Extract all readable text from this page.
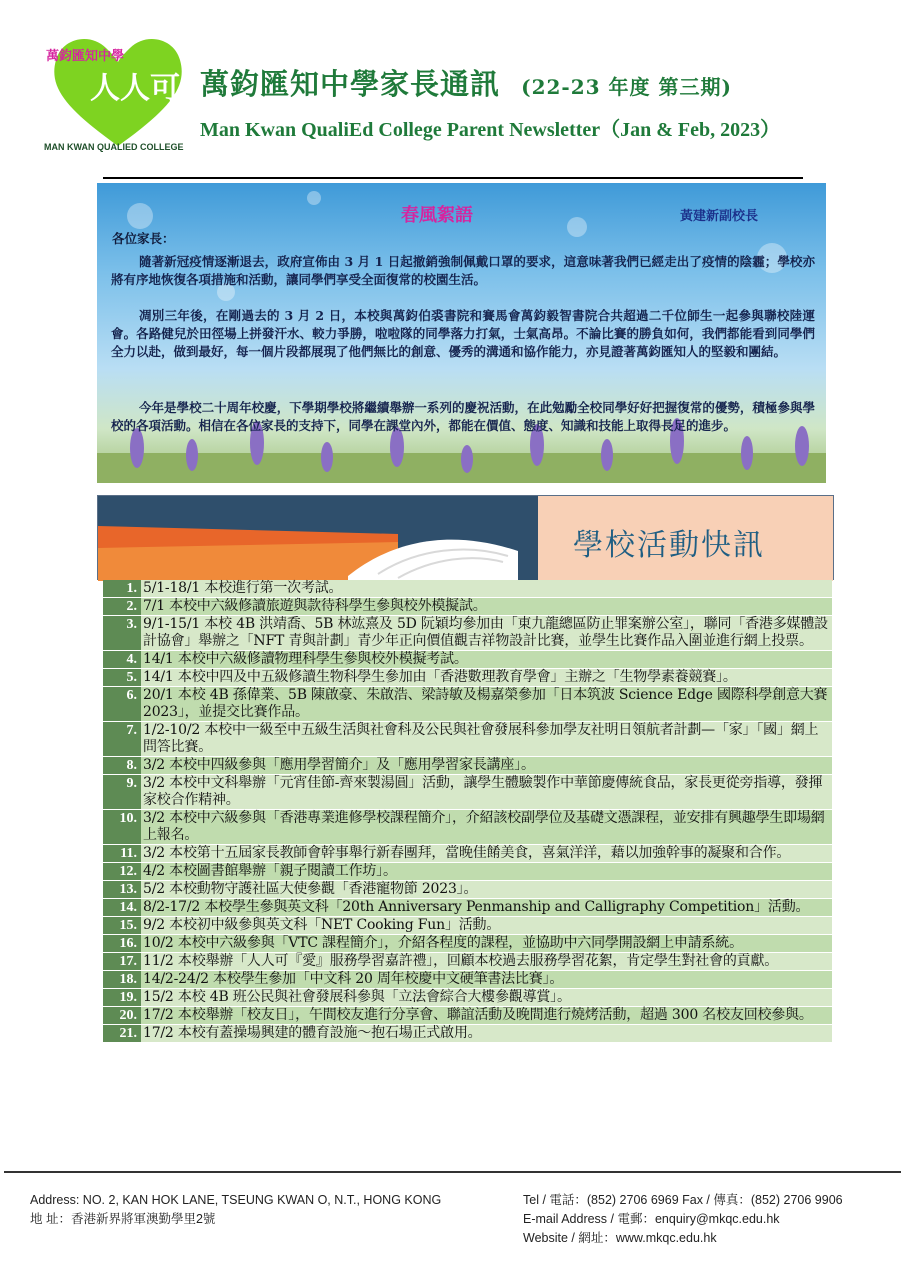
萬鈞匯知中學
人人可教
MAN KWAN QUALIED COLLEGE
萬鈞匯知中學家長通訊 (22-23 年度 第三期)
Man Kwan QualiEd College Parent Newsletter（Jan & Feb, 2023）
春風絮語	黃建新副校長
各位家長：

隨著新冠疫情逐漸退去，政府宣佈由 3 月 1 日起撤銷強制佩戴口罩的要求，這意味著我們已經走出了疫情的陰霾；學校亦將有序地恢復各項措施和活動，讓同學們享受全面復常的校園生活。

凋別三年後，在剛過去的 3 月 2 日，本校與萬鈞伯裘書院和賽馬會萬鈞毅智書院合共超過二千位師生一起參與聯校陸運會。各路健兒於田徑場上拼發汗水、較力爭勝，啦啦隊的同學落力打氣，士氣高昂。不論比賽的勝負如何，我們都能看到同學們全力以赴，做到最好，每一個片段都展現了他們無比的創意、優秀的溝通和協作能力，亦見證著萬鈞匯知人的堅毅和團結。

今年是學校二十周年校慶，下學期學校將繼續舉辦一系列的慶祝活動，在此勉勵全校同學好好把握復常的優勢，積極參與學校的各項活動。相信在各位家長的支持下，同學在課堂內外，都能在價值、態度、知識和技能上取得長足的進步。

學校活動快訊
1. 5/1-18/1 本校進行第一次考試。
2. 7/1 本校中六級修讀旅遊與款待科學生參與校外模擬試。
3. 9/1-15/1 本校 4B 洪靖喬、5B 林竑熹及 5D 阮穎均參加由「東九龍總區防止罪案辦公室」，聯同「香港多媒體設計協會」舉辦之「NFT 青與計劃」青少年正向價值觀吉祥物設計比賽，並學生比賽作品入圍並進行網上投票。
4. 14/1 本校中六級修讀物理科學生參與校外模擬考試。
5. 14/1 本校中四及中五級修讀生物科學生參加由「香港數理教育學會」主辦之「生物學素養競賽」。
6. 20/1 本校 4B 孫偉業、5B 陳啟豪、朱啟浩、梁詩敏及楊嘉榮參加「日本筑波 Science Edge 國際科學創意大賽 2023」，並提交比賽作品。
7. 1/2-10/2 本校中一級至中五級生活與社會科及公民與社會發展科參加學友社明日領航者計劃—「家」「國」網上問答比賽。
8. 3/2 本校中四級參與「應用學習簡介」及「應用學習家長講座」。
9. 3/2 本校中文科舉辦「元宵佳節-齊來製湯圓」活動，讓學生體驗製作中華節慶傳統食品，家長更從旁指導，發揮家校合作精神。
10. 3/2 本校中六級參與「香港專業進修學校課程簡介」，介紹該校副學位及基礎文憑課程，並安排有興趣學生即場網上報名。
11. 3/2 本校第十五屆家長教師會幹事舉行新春團拜，當晚佳餚美食，喜氣洋洋，藉以加強幹事的凝聚和合作。
12. 4/2 本校圖書館舉辦「親子閱讀工作坊」。
13. 5/2 本校動物守護社區大使參觀「香港寵物節 2023」。
14. 8/2-17/2 本校學生參與英文科「20th Anniversary Penmanship and Calligraphy Competition」活動。
15. 9/2 本校初中級參與英文科「NET Cooking Fun」活動。
16. 10/2 本校中六級參與「VTC 課程簡介」，介紹各程度的課程，並協助中六同學開設網上申請系統。
17. 11/2 本校舉辦「人人可『愛』服務學習嘉許禮」，回顧本校過去服務學習花絮，肯定學生對社會的貢獻。
18. 14/2-24/2 本校學生參加「中文科 20 周年校慶中文硬筆書法比賽」。
19. 15/2 本校 4B 班公民與社會發展科參與「立法會綜合大樓參觀導賞」。
20. 17/2 本校舉辦「校友日」，午間校友進行分享會、聯誼活動及晚間進行燒烤活動，超過 300 名校友回校參與。
21. 17/2 本校有蓋操場興建的體育設施～抱石場正式啟用。
Address: NO. 2, KAN HOK LANE, TSEUNG KWAN O, N.T., HONG KONG
地 址：香港新界將軍澳勤學里2號
Tel / 電話：(852) 2706 6969 Fax / 傳真：(852) 2706 9906
E-mail Address / 電郵：enquiry@mkqc.edu.hk
Website / 網址：www.mkqc.edu.hk
